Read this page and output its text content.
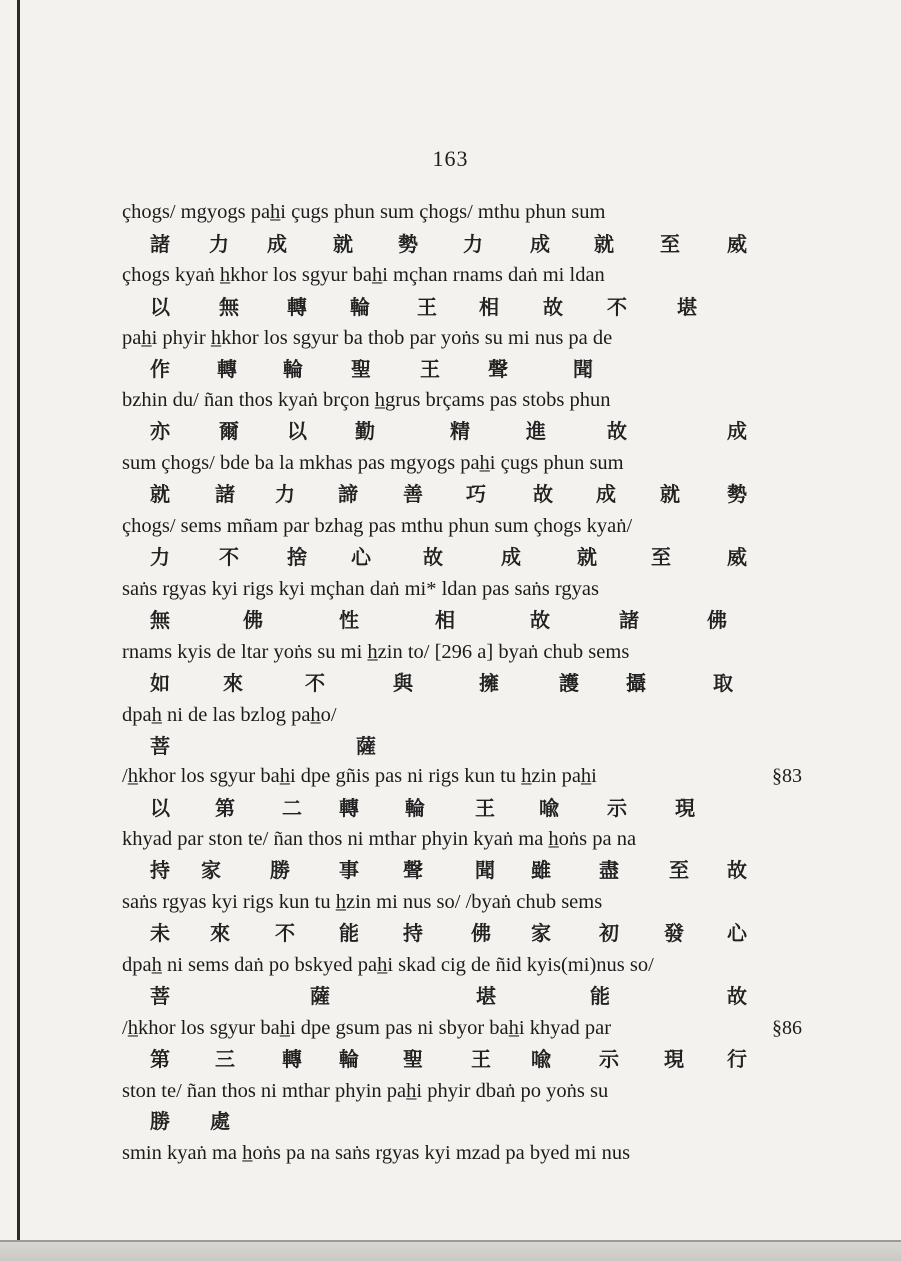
163
çhogs/ mgyogs pah̲i çugs phun sum çhogs/ mthu phun sum
諸 力 成 就 勢 力 成 就 至 威
çhogs kyaṅ h̲khor los sgyur bah̲i mçhan rnams daṅ mi ldan
以 無 轉 輪 王 相 故 不	堪
pah̲i phyir h̲khor los sgyur ba thob par yoṅs su mi nus pa de
作 轉 輪 聖 王 聲	聞
bzhin du/ ñan thos kyaṅ brçon h̲grus brçams pas stobs phun
亦 爾 以 勤	精	進	故	成
sum çhogs/ bde ba la mkhas pas mgyogs pah̲i çugs phun sum
就 諸 力 諦 善 巧 故 成 就 勢
çhogs/ sems mñam par bzhag pas mthu phun sum çhogs kyaṅ/
力 不 捨 心	故	成	就	至	威
saṅs rgyas kyi rigs kyi mçhan daṅ mi* ldan pas saṅs rgyas
無	佛	性	相	故	諸	佛
rnams kyis de ltar yoṅs su mi h̲zin to/ [296 a] byaṅ chub sems
如	來	不	與	擁	護 攝	取
dpah̲ ni de las bzlog pah̲o/
菩	薩
/h̲khor los sgyur bah̲i dpe gñis pas ni rigs kun tu h̲zin pah̲i	§83
以 第 二 轉 輪	王 喩 示 現
khyad par ston te/ ñan thos ni mthar phyin kyaṅ ma h̲oṅs pa na
持 家 勝 事 聲	聞 雖 盡	至 故
saṅs rgyas kyi rigs kun tu h̲zin mi nus so/ /byaṅ chub sems
未 來 不 能 持 佛 家 初 發 心
dpah̲ ni sems daṅ po bskyed pah̲i skad cig de ñid kyis(mi)nus so/
菩	薩	堪	能	故
/h̲khor los sgyur bah̲i dpe gsum pas ni sbyor bah̲i khyad par	§86
第 三 轉 輪 聖 王 喩 示 現 行
ston te/ ñan thos ni mthar phyin pah̲i phyir dbaṅ po yoṅs su
勝 處
smin kyaṅ ma h̲oṅs pa na saṅs rgyas kyi mzad pa byed mi nus
